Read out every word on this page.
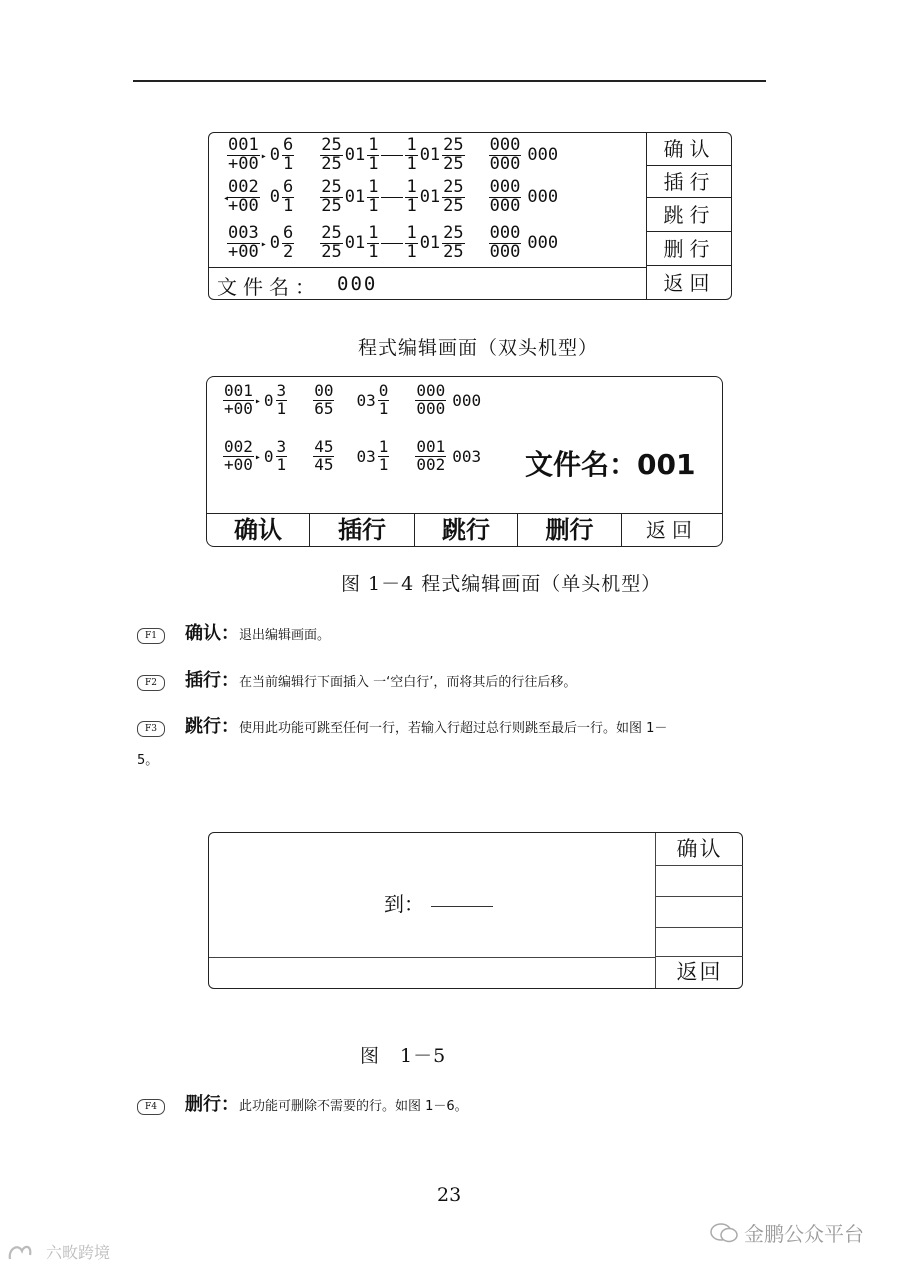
$\frac{001 ▸}{+00} 0 \frac{6}{1} \frac{25}{25} 01 \frac{1}{1} \frac{1}{1} 01 \frac{25}{25} \frac{000}{000} 000$
◂ $\frac{002}{+00} 0 \frac{6}{1} \frac{25}{25} 01 \frac{1}{1} \frac{1}{1} 01 \frac{25}{25} \frac{000}{000} 000$
$\frac{003 ▸}{+00} 0 \frac{6}{2} \frac{25}{25} 01 \frac{1}{1} \frac{1}{1} 01 \frac{25}{25} \frac{000}{000} 000$
文件名： 000
确认
插行
跳行
删行
返回
程式编辑画面（双头机型）
$\frac{001 ▸}{+00} 0 \frac{3}{1} \frac{00}{65} 03 \frac{0}{1} \frac{000}{000} 000$
$\frac{002 ▸}{+00} 0 \frac{3}{1} \frac{45}{45} 03 \frac{1}{1} \frac{001}{002} 003$ 文件名：001
确认	插行	跳行	删行	返回
图 1－4 程式编辑画面（单头机型）
F1 确认：退出编辑画面。
F2 插行：在当前编辑行下面插入 一‘空白行’，而将其后的行往后移。
F3 跳行：使用此功能可跳至任何一行，若输入行超过总行则跳至最后一行。如图 1－
5。
到：
确认
返回
图　1－5
F4 删行：此功能可删除不需要的行。如图 1－6。
23
金鹏公众平台
六畋跨境
